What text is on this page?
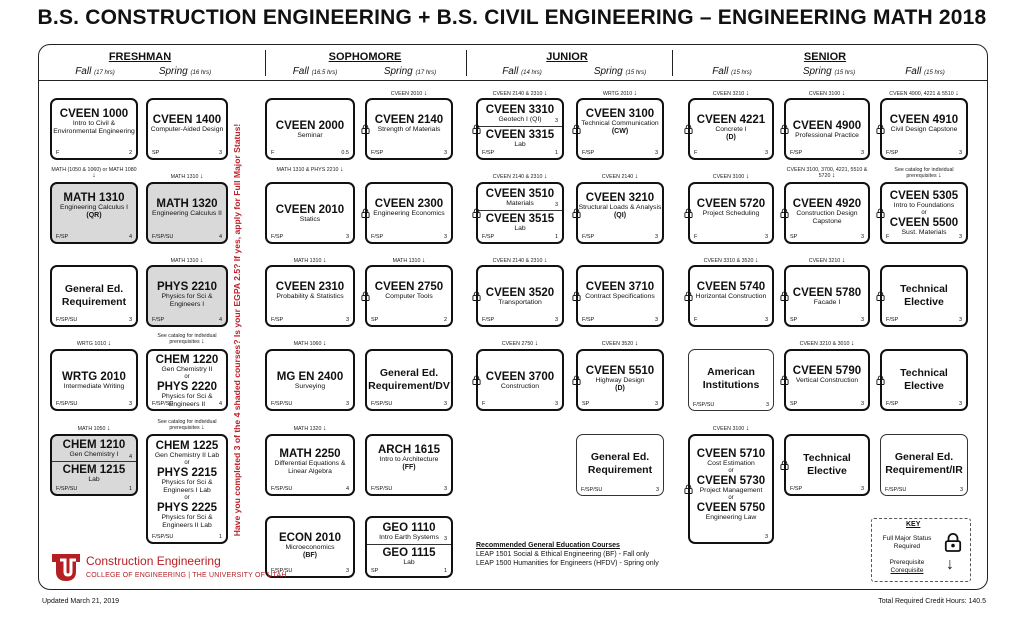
B.S. CONSTRUCTION ENGINEERING + B.S. CIVIL ENGINEERING – ENGINEERING MATH 2018
FRESHMAN	SOPHOMORE	JUNIOR	SENIOR
Fall (17 hrs)	Spring (16 hrs)	Fall (16.5 hrs)	Spring (17 hrs)	Fall (14 hrs)	Spring (15 hrs)	Fall (15 hrs)	Spring (15 hrs)	Fall (15 hrs)
CVEEN 1000
Intro to Civil & Environmental Engineering
F	2
MATH (1050 & 1060) or MATH 1080 ↓
MATH 1310
Engineering Calculus I
(QR)
F/SP	4
General Ed. Requirement
F/SP/SU	3
WRTG 1010 ↓
WRTG 2010
Intermediate Writing
F/SP/SU	3
MATH 1050 ↓
CHEM 1210
Gen Chemistry I	4
CHEM 1215
Lab
F/SP/SU	1
CVEEN 1400
Computer-Aided Design
SP	3
MATH 1310 ↓
MATH 1320
Engineering Calculus II
F/SP/SU	4
MATH 1310 ↓
PHYS 2210
Physics for Sci & Engineers I
F/SP	4
See catalog for individual prerequisites ↓
CHEM 1220
Gen Chemistry II
or
PHYS 2220
Physics for Sci & Engineers II
F/SP/SU	4
See catalog for individual prerequisites ↓
CHEM 1225
Gen Chemistry II Lab
or
PHYS 2215
Physics for Sci & Engineers I Lab
or
PHYS 2225
Physics for Sci & Engineers II Lab
F/SP/SU	1
Have you completed 3 of the 4 shaded courses? Is your EGPA 2.5? If yes, apply for Full Major Status!	CVEEN 2000
Seminar
F	0.5
MATH 1310 & PHYS 2210 ↓
CVEEN 2010
Statics
F/SP	3
MATH 1310 ↓
CVEEN 2310
Probability & Statistics
F/SP	3
MATH 1060 ↓
MG EN 2400
Surveying
F/SP/SU	3
MATH 1320 ↓
MATH 2250
Differential Equations & Linear Algebra
F/SP/SU	4
ECON 2010
Microeconomics
(BF)
F/SP/SU	3
CVEEN 2010 ↓
CVEEN 2140
Strength of Materials
F/SP	3
CVEEN 2300
Engineering Economics
F/SP	3
MATH 1310 ↓
CVEEN 2750
Computer Tools
SP	2
General Ed. Requirement/DV
F/SP/SU	3
ARCH 1615
Intro to Architecture
(FF)
F/SP/SU	3
GEO 1110
Intro Earth Systems 3
GEO 1115
Lab
SP	1
CVEEN 2140 & 2310 ↓
CVEEN 3310
Geotech I (QI)	3
CVEEN 3315
Lab
F/SP	1
CVEEN 2140 & 2310 ↓
CVEEN 3510
Materials	3
CVEEN 3515
Lab
F/SP	1
CVEEN 2140 & 2310 ↓
CVEEN 3520
Transportation
F/SP	3
CVEEN 2750 ↓
CVEEN 3700
Construction
F	3
WRTG 2010 ↓
CVEEN 3100
Technical Communication
(CW)
F/SP	3
CVEEN 2140 ↓
CVEEN 3210
Structural Loads & Analysis
(QI)
F/SP	3
CVEEN 3710
Contract Specifications
F/SP	3
CVEEN 3520 ↓
CVEEN 5510
Highway Design
(D)
SP	3
General Ed. Requirement
F/SP/SU	3
CVEEN 3210 ↓
CVEEN 4221
Concrete I
(D)
F	3
CVEEN 3100 ↓
CVEEN 5720
Project Scheduling
F	3
CVEEN 3310 & 3520 ↓
CVEEN 5740
Horizontal Construction
F	3
American Institutions
F/SP/SU	3
CVEEN 3100 ↓
CVEEN 5710
Cost Estimation
or
CVEEN 5730
Project Management
or
CVEEN 5750
Engineering Law
3
CVEEN 3100 ↓
CVEEN 4900
Professional Practice
F/SP	3
CVEEN 3100, 3700, 4221, 5510 & 5720 ↓
CVEEN 4920
Construction Design Capstone
SP	3
CVEEN 3210 ↓
CVEEN 5780
Facade I
SP	3
CVEEN 3210 & 3010 ↓
CVEEN 5790
Vertical Construction
SP	3
Technical Elective
F/SP	3
CVEEN 4900, 4221 & 5510 ↓
CVEEN 4910
Civil Design Capstone
F/SP	3
See catalog for individual prerequisites ↓
CVEEN 5305
Intro to Foundations
or
CVEEN 5500
Sust. Materials
F	3
Technical Elective
F/SP	3
Technical Elective
F/SP	3
General Ed. Requirement/IR
F/SP/SU	3
Construction Engineering
COLLEGE OF ENGINEERING | THE UNIVERSITY OF UTAH
Recommended General Education Courses
LEAP 1501 Social & Ethical Engineering (BF) - Fall only
LEAP 1500 Humanities for Engineers (HFDV) - Spring only
KEY
Full Major Status Required
Prerequisite
Corequisite	↓
Updated March 21, 2019	Total Required Credit Hours: 140.5
